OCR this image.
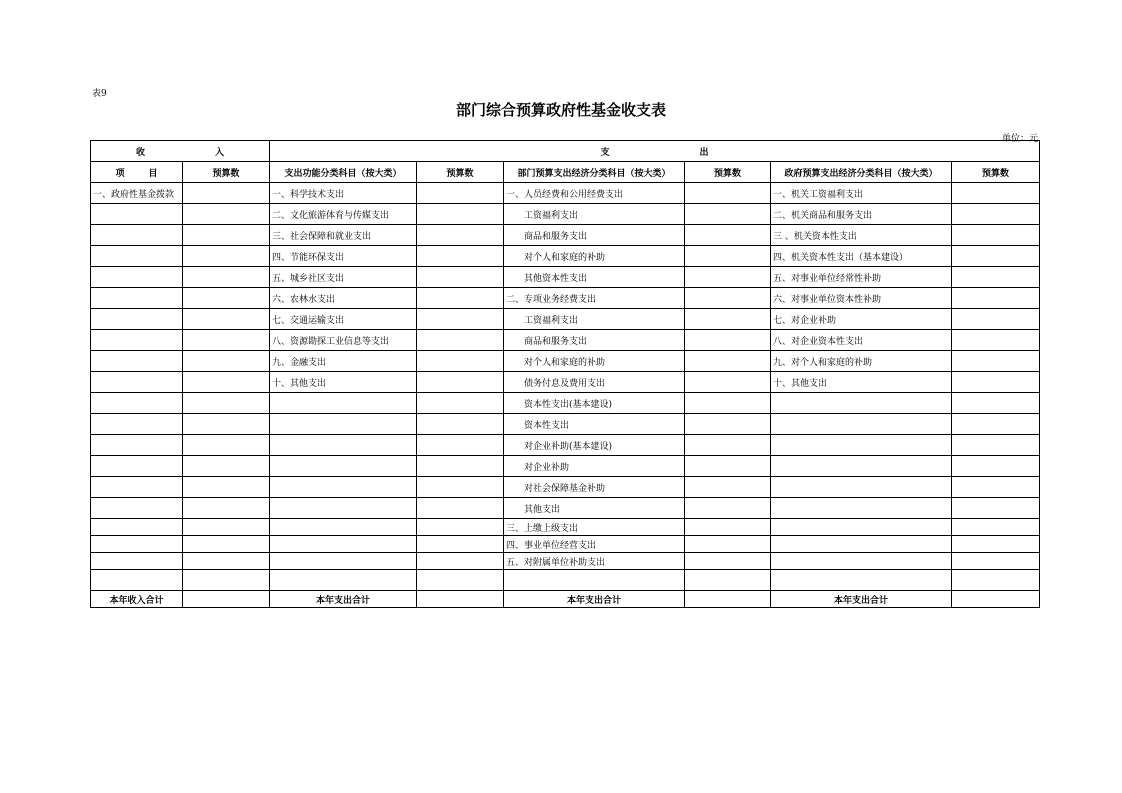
表9
部门综合预算政府性基金收支表
单位：元
收 入		支 出					
项 目	预算数	支出功能分类科目（按大类）	预算数	部门预算支出经济分类科目（按大类）	预算数	政府预算支出经济分类科目（按大类）	预算数
一、政府性基金拨款		一、科学技术支出		一、人员经费和公用经费支出		一、机关工资福利支出	
		二、文化旅游体育与传媒支出		工资福利支出		二、机关商品和服务支出	
		三、社会保障和就业支出		商品和服务支出		三 、机关资本性支出	
		四、节能环保支出		对个人和家庭的补助		四、机关资本性支出（基本建设）	
		五、城乡社区支出		其他资本性支出		五、对事业单位经常性补助	
		六、农林水支出		二、专项业务经费支出		六、对事业单位资本性补助	
		七、交通运输支出		工资福利支出		七、对企业补助	
		八、资源勘探工业信息等支出		商品和服务支出		八、对企业资本性支出	
		九、金融支出		对个人和家庭的补助		九、对个人和家庭的补助	
		十、其他支出		债务付息及费用支出		十、其他支出	
				资本性支出(基本建设)			
				资本性支出			
				对企业补助(基本建设)			
				对企业补助			
				对社会保障基金补助			
				其他支出			
				三、上缴上级支出			
				四、事业单位经营支出			
				五、对附属单位补助支出			

本年收入合计		本年支出合计		本年支出合计		本年支出合计	
